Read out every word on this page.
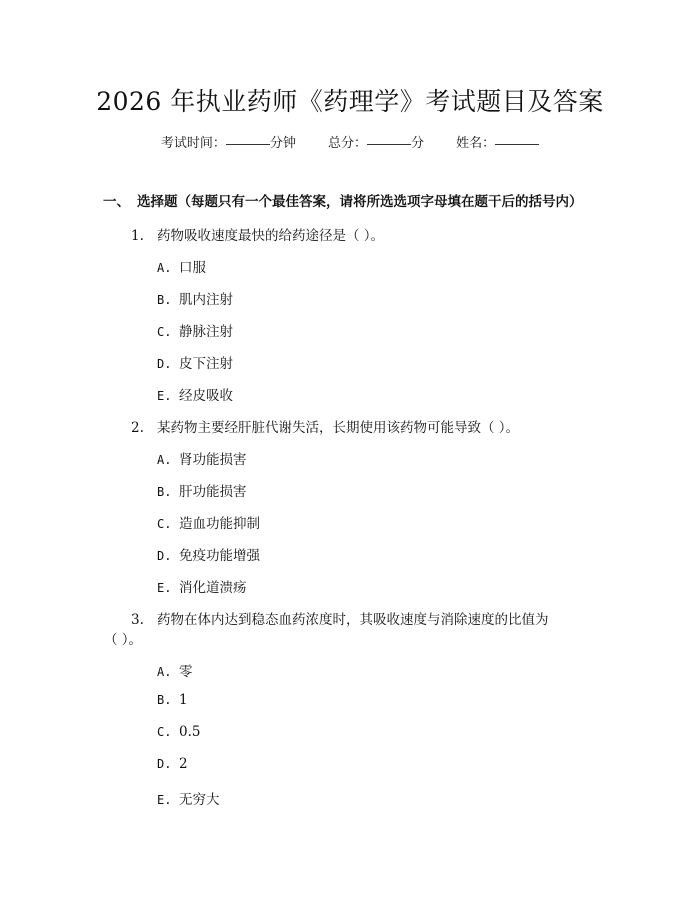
2026 年执业药师《药理学》考试题目及答案
考试时间：	分钟 总分：	分 姓名：
一、 选择题（每题只有一个最佳答案，请将所选选项字母填在题干后的括号内）
1. 药物吸收速度最快的给药途径是（ ）。
A. 口服
B. 肌内注射
C. 静脉注射
D. 皮下注射
E. 经皮吸收
2. 某药物主要经肝脏代谢失活，长期使用该药物可能导致（ ）。
A. 肾功能损害
B. 肝功能损害
C. 造血功能抑制
D. 免疫功能增强
E. 消化道溃疡
3. 药物在体内达到稳态血药浓度时，其吸收速度与消除速度的比值为
（ ）。
A. 零
B. 1
C. 0.5
D. 2
E. 无穷大
